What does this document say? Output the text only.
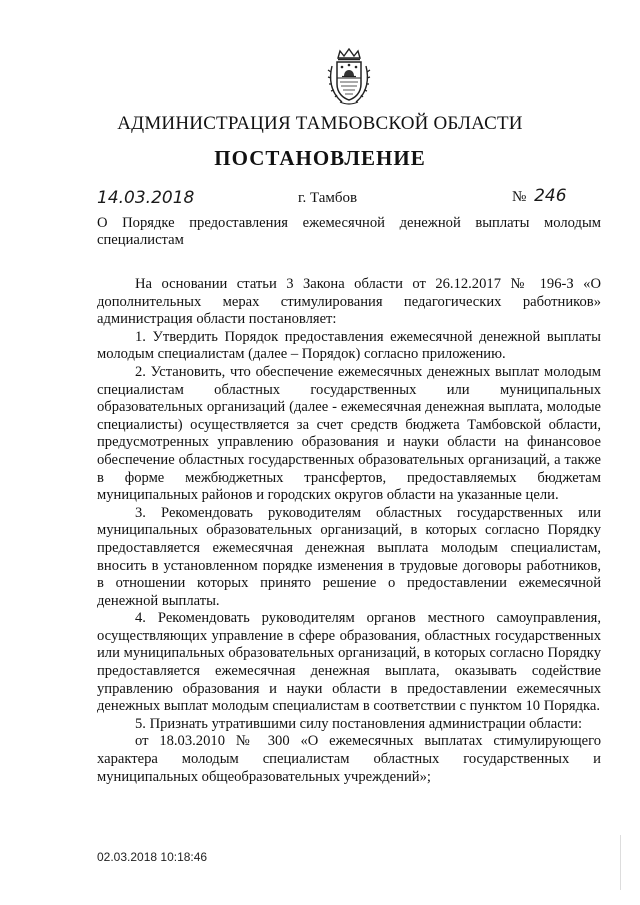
АДМИНИСТРАЦИЯ ТАМБОВСКОЙ ОБЛАСТИ
ПОСТАНОВЛЕНИЕ
14.03.2018	г. Тамбов	№ 246
О Порядке предоставления ежемесячной денежной выплаты молодым специалистам

На основании статьи 3 Закона области от 26.12.2017 № 196-З «О дополнительных мерах стимулирования педагогических работников» администрация области постановляет:

1. Утвердить Порядок предоставления ежемесячной денежной выплаты молодым специалистам (далее – Порядок) согласно приложению.

2. Установить, что обеспечение ежемесячных денежных выплат молодым специалистам областных государственных или муниципальных образовательных организаций (далее - ежемесячная денежная выплата, молодые специалисты) осуществляется за счет средств бюджета Тамбовской области, предусмотренных управлению образования и науки области на финансовое обеспечение областных государственных образовательных организаций, а также в форме межбюджетных трансфертов, предоставляемых бюджетам муниципальных районов и городских округов области на указанные цели.

3. Рекомендовать руководителям областных государственных или муниципальных образовательных организаций, в которых согласно Порядку предоставляется ежемесячная денежная выплата молодым специалистам, вносить в установленном порядке изменения в трудовые договоры работников, в отношении которых принято решение о предоставлении ежемесячной денежной выплаты.

4. Рекомендовать руководителям органов местного самоуправления, осуществляющих управление в сфере образования, областных государственных или муниципальных образовательных организаций, в которых согласно Порядку предоставляется ежемесячная денежная выплата, оказывать содействие управлению образования и науки области в предоставлении ежемесячных денежных выплат молодым специалистам в соответствии с пунктом 10 Порядка.

5. Признать утратившими силу постановления администрации области:

от 18.03.2010 № 300 «О ежемесячных выплатах стимулирующего характера молодым специалистам областных государственных и муниципальных общеобразовательных учреждений»;

02.03.2018 10:18:46
